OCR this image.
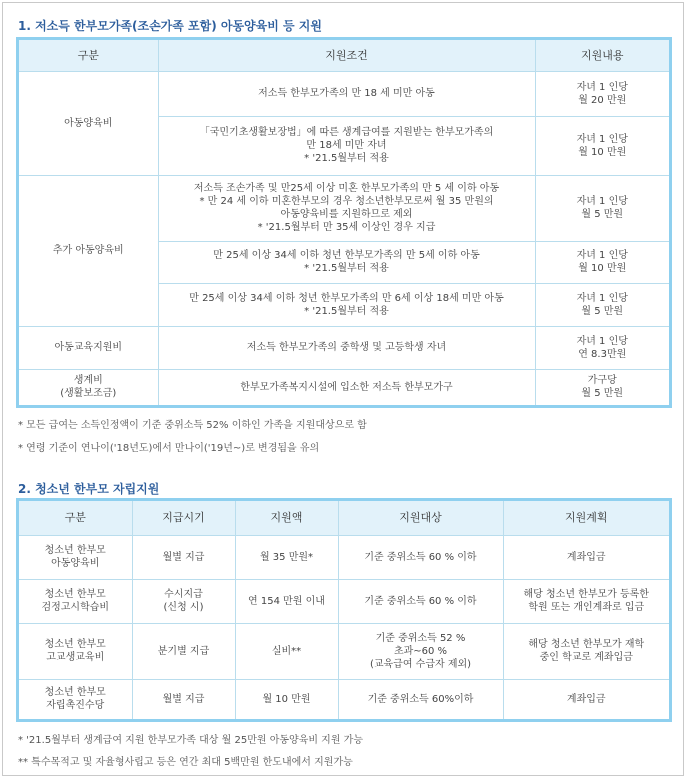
1. 저소득 한부모가족(조손가족 포함) 아동양육비 등 지원
구분	지원조건	지원내용

아동양육비	저소득 한부모가족의 만 18 세 미만 아동	자녀 1 인당
월 20 만원

	「국민기초생활보장법」에 따른 생계급여를 지원받는 한부모가족의
만 18세 미만 자녀
* '21.5월부터 적용	자녀 1 인당
월 10 만원

추가 아동양육비	저소득 조손가족 및 만25세 이상 미혼 한부모가족의 만 5 세 이하 아동
* 만 24 세 이하 미혼한부모의 경우 청소년한부모로써 월 35 만원의
아동양육비를 지원하므로 제외
* '21.5월부터 만 35세 이상인 경우 지급	자녀 1 인당
월 5 만원

	만 25세 이상 34세 이하 청년 한부모가족의 만 5세 이하 아동
* '21.5월부터 적용	자녀 1 인당
월 10 만원

	만 25세 이상 34세 이하 청년 한부모가족의 만 6세 이상 18세 미만 아동
* '21.5월부터 적용	자녀 1 인당
월 5 만원

아동교육지원비	저소득 한부모가족의 중학생 및 고등학생 자녀	자녀 1 인당
연 8.3만원

생계비
(생활보조금)	한부모가족복지시설에 입소한 저소득 한부모가구	가구당
월 5 만원
* 모든 급여는 소득인정액이 기준 중위소득 52% 이하인 가족을 지원대상으로 함
* 연령 기준이 연나이('18년도)에서 만나이('19년~)로 변경됨을 유의
2. 청소년 한부모 자립지원
구분	지급시기	지원액	지원대상	지원계획

청소년 한부모
아동양육비	월별 지급	월 35 만원*	기준 중위소득 60 % 이하	계좌입금

청소년 한부모
검정고시학습비	수시지급
(신청 시)	연 154 만원 이내	기준 중위소득 60 % 이하	해당 청소년 한부모가 등록한
학원 또는 개인계좌로 입금

청소년 한부모
고교생교육비	분기별 지급	실비**	기준 중위소득 52 %
초과~60 %
(교육급여 수급자 제외)	해당 청소년 한부모가 재학
중인 학교로 계좌입금

청소년 한부모
자립촉진수당	월별 지급	월 10 만원	기준 중위소득 60%이하	계좌입금
* '21.5월부터 생계급여 지원 한부모가족 대상 월 25만원 아동양육비 지원 가능
** 특수목적고 및 자율형사립고 등은 연간 최대 5백만원 한도내에서 지원가능
